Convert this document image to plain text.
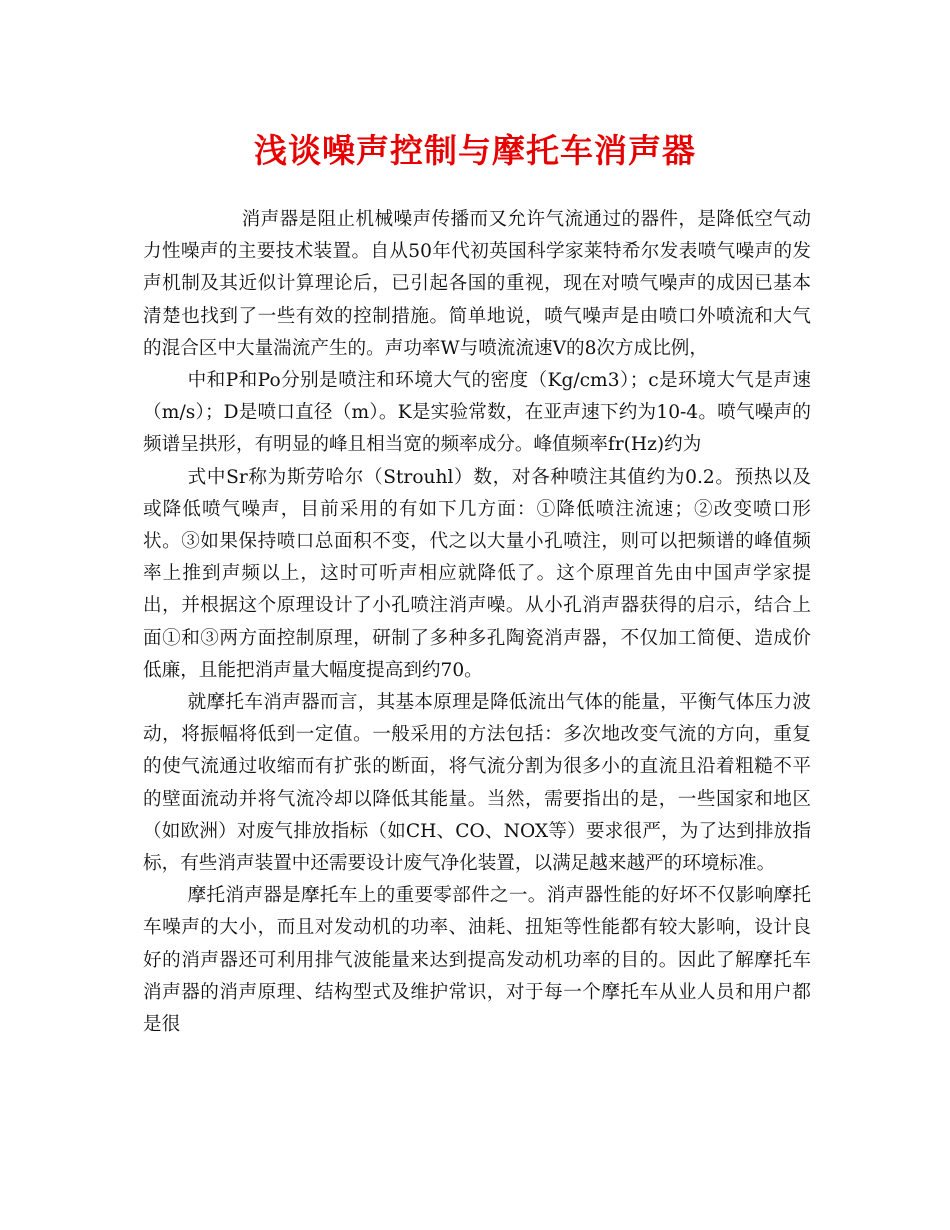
浅谈噪声控制与摩托车消声器

消声器是阻止机械噪声传播而又允许气流通过的器件，是降低空气动力性噪声的主要技术装置。自从50年代初英国科学家莱特希尔发表喷气噪声的发声机制及其近似计算理论后，已引起各国的重视，现在对喷气噪声的成因已基本清楚也找到了一些有效的控制措施。简单地说，喷气噪声是由喷口外喷流和大气的混合区中大量湍流产生的。声功率W与喷流流速V的8次方成比例，

中和P和Po分别是喷注和环境大气的密度（Kg/cm3）；c是环境大气是声速（m/s）；D是喷口直径（m）。K是实验常数，在亚声速下约为10-4。喷气噪声的频谱呈拱形，有明显的峰且相当宽的频率成分。峰值频率fr(Hz)约为

式中Sr称为斯劳哈尔（Strouhl）数，对各种喷注其值约为0.2。预热以及或降低喷气噪声，目前采用的有如下几方面：①降低喷注流速；②改变喷口形状。③如果保持喷口总面积不变，代之以大量小孔喷注，则可以把频谱的峰值频率上推到声频以上，这时可听声相应就降低了。这个原理首先由中国声学家提出，并根据这个原理设计了小孔喷注消声噪。从小孔消声器获得的启示，结合上面①和③两方面控制原理，研制了多种多孔陶瓷消声器，不仅加工简便、造成价低廉，且能把消声量大幅度提高到约70。

就摩托车消声器而言，其基本原理是降低流出气体的能量，平衡气体压力波动，将振幅将低到一定值。一般采用的方法包括：多次地改变气流的方向，重复的使气流通过收缩而有扩张的断面，将气流分割为很多小的直流且沿着粗糙不平的壁面流动并将气流冷却以降低其能量。当然，需要指出的是，一些国家和地区（如欧洲）对废气排放指标（如CH、CO、NOX等）要求很严，为了达到排放指标，有些消声装置中还需要设计废气净化装置，以满足越来越严的环境标准。

摩托消声器是摩托车上的重要零部件之一。消声器性能的好坏不仅影响摩托车噪声的大小，而且对发动机的功率、油耗、扭矩等性能都有较大影响，设计良好的消声器还可利用排气波能量来达到提高发动机功率的目的。因此了解摩托车消声器的消声原理、结构型式及维护常识，对于每一个摩托车从业人员和用户都是很
